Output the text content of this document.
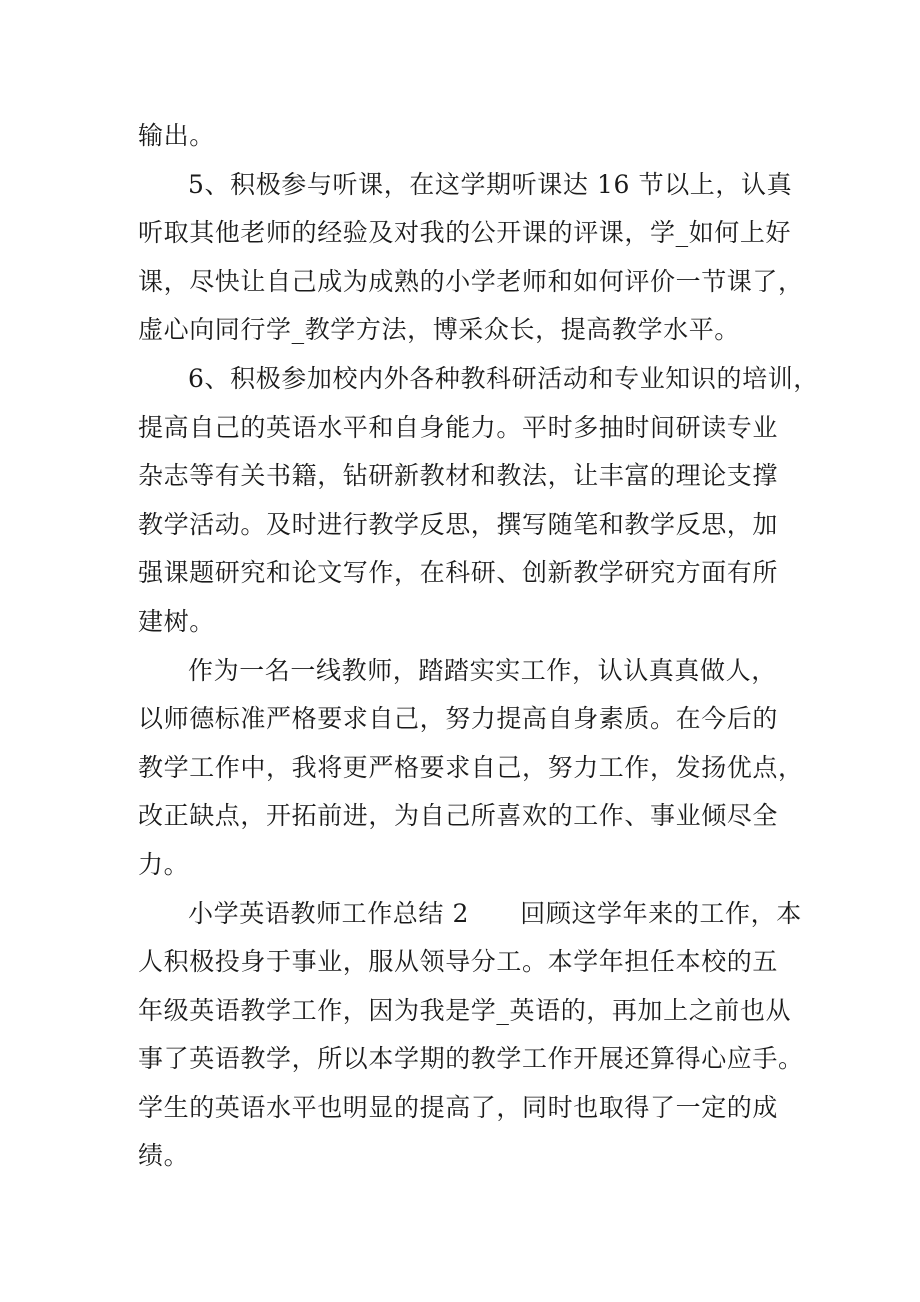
输出。
5、积极参与听课，在这学期听课达 16 节以上，认真
听取其他老师的经验及对我的公开课的评课，学_如何上好
课，尽快让自己成为成熟的小学老师和如何评价一节课了，
虚心向同行学_教学方法，博采众长，提高教学水平。
6、积极参加校内外各种教科研活动和专业知识的培训，
提高自己的英语水平和自身能力。平时多抽时间研读专业
杂志等有关书籍，钻研新教材和教法，让丰富的理论支撑
教学活动。及时进行教学反思，撰写随笔和教学反思，加
强课题研究和论文写作，在科研、创新教学研究方面有所
建树。
作为一名一线教师，踏踏实实工作，认认真真做人，
以师德标准严格要求自己，努力提高自身素质。在今后的
教学工作中，我将更严格要求自己，努力工作，发扬优点，
改正缺点，开拓前进，为自己所喜欢的工作、事业倾尽全
力。
小学英语教师工作总结 2　　回顾这学年来的工作，本
人积极投身于事业，服从领导分工。本学年担任本校的五
年级英语教学工作，因为我是学_英语的，再加上之前也从
事了英语教学，所以本学期的教学工作开展还算得心应手。
学生的英语水平也明显的提高了，同时也取得了一定的成
绩。
